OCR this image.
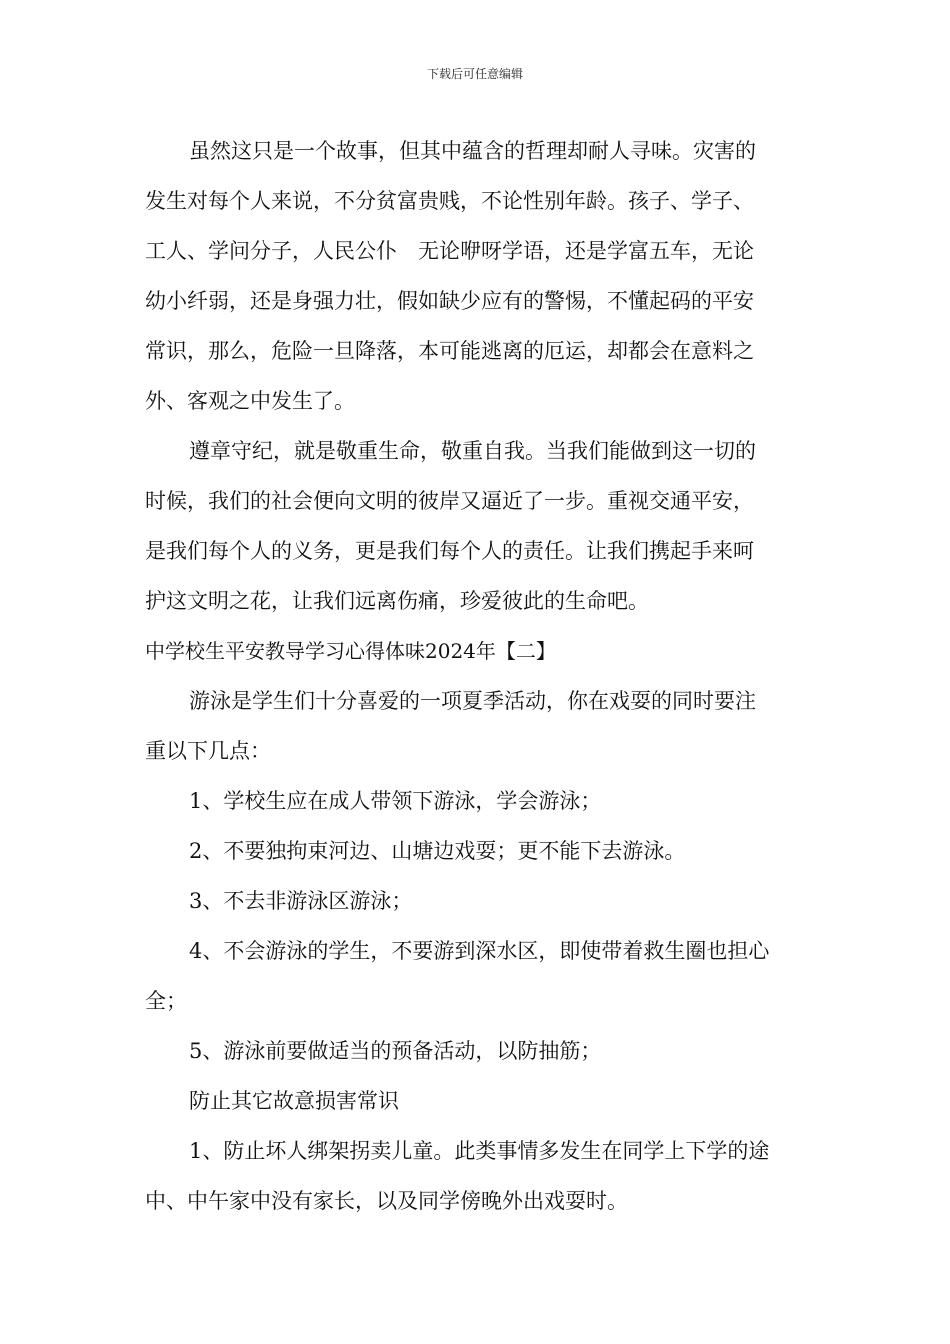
下载后可任意编辑
虽然这只是一个故事，但其中蕴含的哲理却耐人寻味。灾害的
发生对每个人来说，不分贫富贵贱，不论性别年龄。孩子、学子、
工人、学问分子，人民公仆　无论咿呀学语，还是学富五车，无论
幼小纤弱，还是身强力壮，假如缺少应有的警惕，不懂起码的平安
常识，那么，危险一旦降落，本可能逃离的厄运，却都会在意料之
外、客观之中发生了。
遵章守纪，就是敬重生命，敬重自我。当我们能做到这一切的
时候，我们的社会便向文明的彼岸又逼近了一步。重视交通平安，
是我们每个人的义务，更是我们每个人的责任。让我们携起手来呵
护这文明之花，让我们远离伤痛，珍爱彼此的生命吧。
中学校生平安教导学习心得体味2024年【二】
游泳是学生们十分喜爱的一项夏季活动，你在戏耍的同时要注
重以下几点：
1、学校生应在成人带领下游泳，学会游泳；
2、不要独拘束河边、山塘边戏耍；更不能下去游泳。
3、不去非游泳区游泳；
4、不会游泳的学生，不要游到深水区，即使带着救生圈也担心
全；
5、游泳前要做适当的预备活动，以防抽筋；
防止其它故意损害常识
1、防止坏人绑架拐卖儿童。此类事情多发生在同学上下学的途
中、中午家中没有家长，以及同学傍晚外出戏耍时。
